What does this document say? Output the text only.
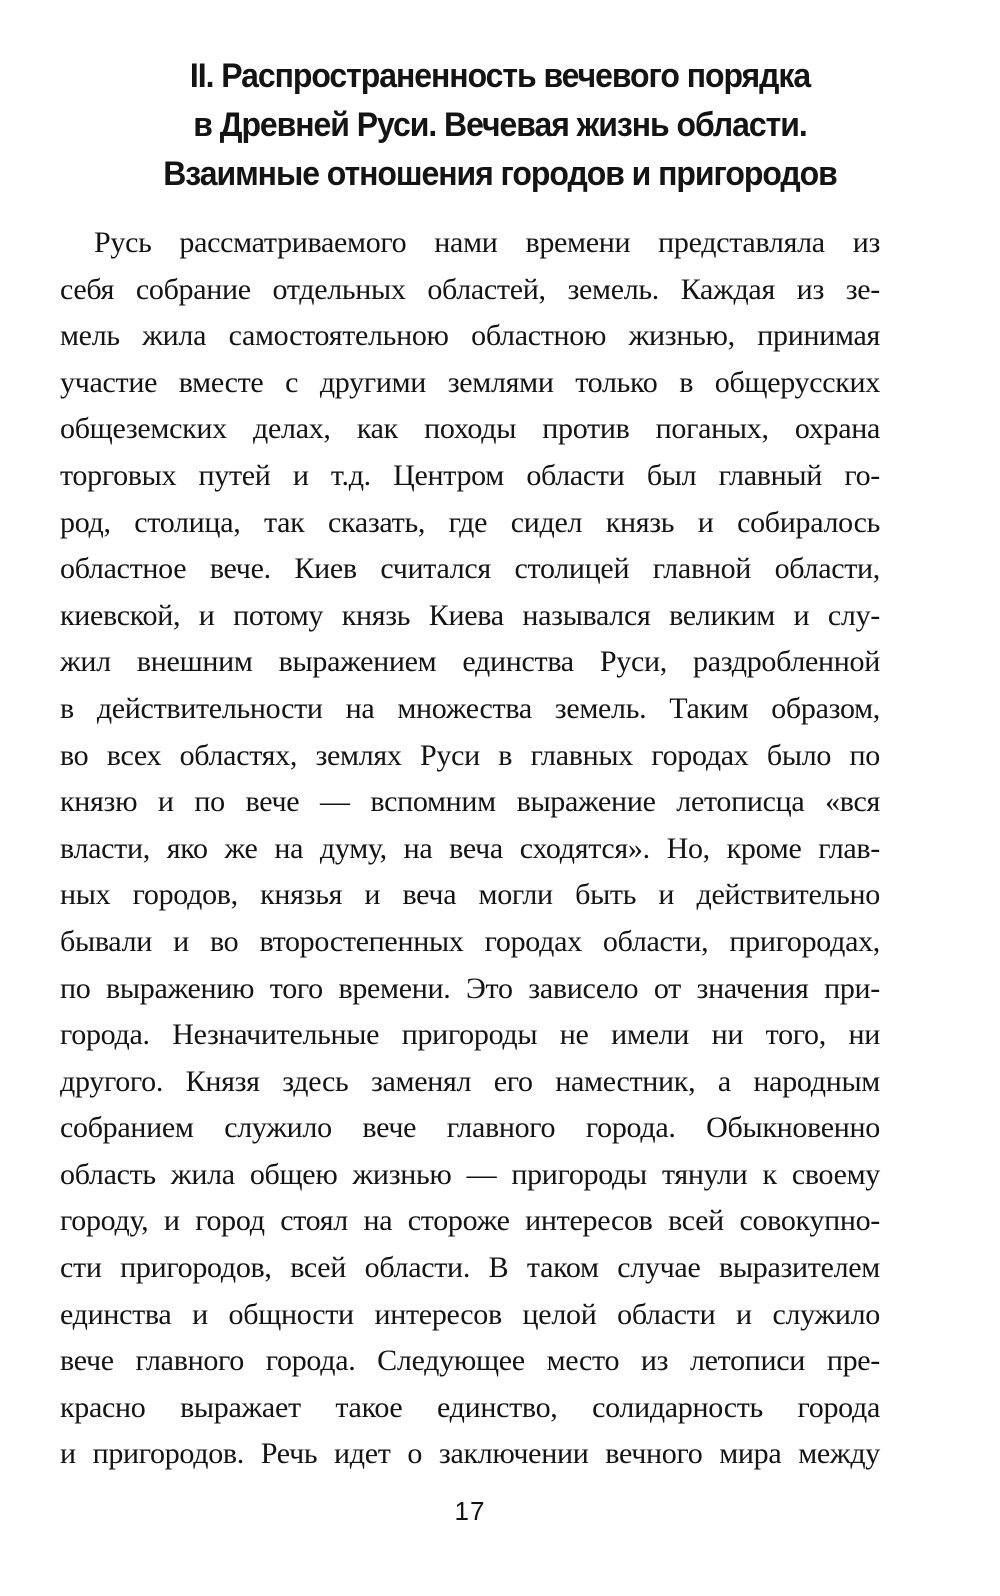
II. Распространенность вечевого порядка
в Древней Руси. Вечевая жизнь области.
Взаимные отношения городов и пригородов
Русь рассматриваемого нами времени представляла из
себя собрание отдельных областей, земель. Каждая из зе-
мель жила самостоятельною областною жизнью, принимая
участие вместе с другими землями только в общерусских
общеземских делах, как походы против поганых, охрана
торговых путей и т.д. Центром области был главный го-
род, столица, так сказать, где сидел князь и собиралось
областное вече. Киев считался столицей главной области,
киевской, и потому князь Киева назывался великим и слу-
жил внешним выражением единства Руси, раздробленной
в действительности на множества земель. Таким образом,
во всех областях, землях Руси в главных городах было по
князю и по вече — вспомним выражение летописца «вся
власти, яко же на думу, на веча сходятся». Но, кроме глав-
ных городов, князья и веча могли быть и действительно
бывали и во второстепенных городах области, пригородах,
по выражению того времени. Это зависело от значения при-
города. Незначительные пригороды не имели ни того, ни
другого. Князя здесь заменял его наместник, а народным
собранием служило вече главного города. Обыкновенно
область жила общею жизнью — пригороды тянули к своему
городу, и город стоял на стороже интересов всей совокупно-
сти пригородов, всей области. В таком случае выразителем
единства и общности интересов целой области и служило
вече главного города. Следующее место из летописи пре-
красно выражает такое единство, солидарность города
и пригородов. Речь идет о заключении вечного мира между
17
